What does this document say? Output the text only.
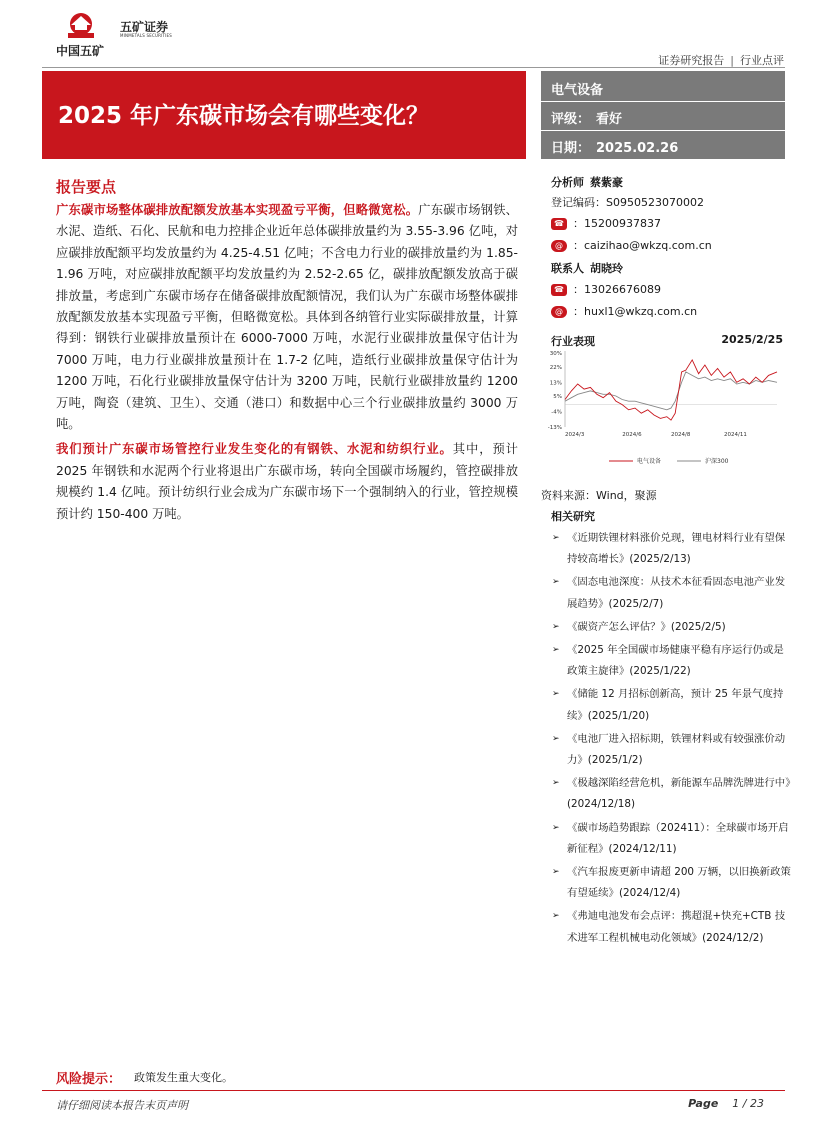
中国五矿
五矿证券
MINMETALS SECURITIES
证券研究报告 | 行业点评
2025 年广东碳市场会有哪些变化？
电气设备
评级： 看好
日期： 2025.02.26
报告要点

广东碳市场整体碳排放配额发放基本实现盈亏平衡，但略微宽松。广东碳市场钢铁、水泥、造纸、石化、民航和电力控排企业近年总体碳排放量约为 3.55-3.96 亿吨，对应碳排放配额平均发放量约为 4.25-4.51 亿吨；不含电力行业的碳排放量约为 1.85-1.96 万吨，对应碳排放配额平均发放量约为 2.52-2.65 亿，碳排放配额发放高于碳排放量，考虑到广东碳市场存在储备碳排放配额情况，我们认为广东碳市场整体碳排放配额发放基本实现盈亏平衡，但略微宽松。具体到各纳管行业实际碳排放量，计算得到：钢铁行业碳排放量预计在 6000-7000 万吨，水泥行业碳排放量保守估计为 7000 万吨，电力行业碳排放量预计在 1.7-2 亿吨，造纸行业碳排放量保守估计为 1200 万吨，石化行业碳排放量保守估计为 3200 万吨，民航行业碳排放量约 1200 万吨，陶瓷（建筑、卫生）、交通（港口）和数据中心三个行业碳排放量约 3000 万吨。

我们预计广东碳市场管控行业发生变化的有钢铁、水泥和纺织行业。其中，预计 2025 年钢铁和水泥两个行业将退出广东碳市场，转向全国碳市场履约，管控碳排放规模约 1.4 亿吨。预计纺织行业会成为广东碳市场下一个强制纳入的行业，管控规模预计约 150-400 万吨。

分析师 蔡紫豪
登记编码：S0950523070002
☎ ：15200937837
@ ：caizihao@wkzq.com.cn
联系人 胡晓玲
☎ ：13026676089
@ ：huxl1@wkzq.com.cn
行业表现	2025/2/25
30%
22%
13%
5%
-4%
-13%
2024/3	2024/6	2024/8	2024/11
电气设备	沪深300
资料来源：Wind，聚源
相关研究
➢ 《近期铁锂材料涨价兑现，锂电材料行业有望保持较高增长》(2025/2/13)
➢ 《固态电池深度：从技术本征看固态电池产业发展趋势》(2025/2/7)
➢ 《碳资产怎么评估？》(2025/2/5)
➢ 《2025 年全国碳市场健康平稳有序运行仍或是政策主旋律》(2025/1/22)
➢ 《储能 12 月招标创新高，预计 25 年景气度持续》(2025/1/20)
➢ 《电池厂进入招标期，铁锂材料或有较强涨价动力》(2025/1/2)
➢ 《极越深陷经营危机，新能源车品牌洗牌进行中》(2024/12/18)
➢ 《碳市场趋势跟踪（202411）：全球碳市场开启新征程》(2024/12/11)
➢ 《汽车报废更新申请超 200 万辆，以旧换新政策有望延续》(2024/12/4)
➢ 《弗迪电池发布会点评：携超混+快充+CTB 技术进军工程机械电动化领域》(2024/12/2)
风险提示： 政策发生重大变化。
请仔细阅读本报告末页声明	Page 1 / 23
